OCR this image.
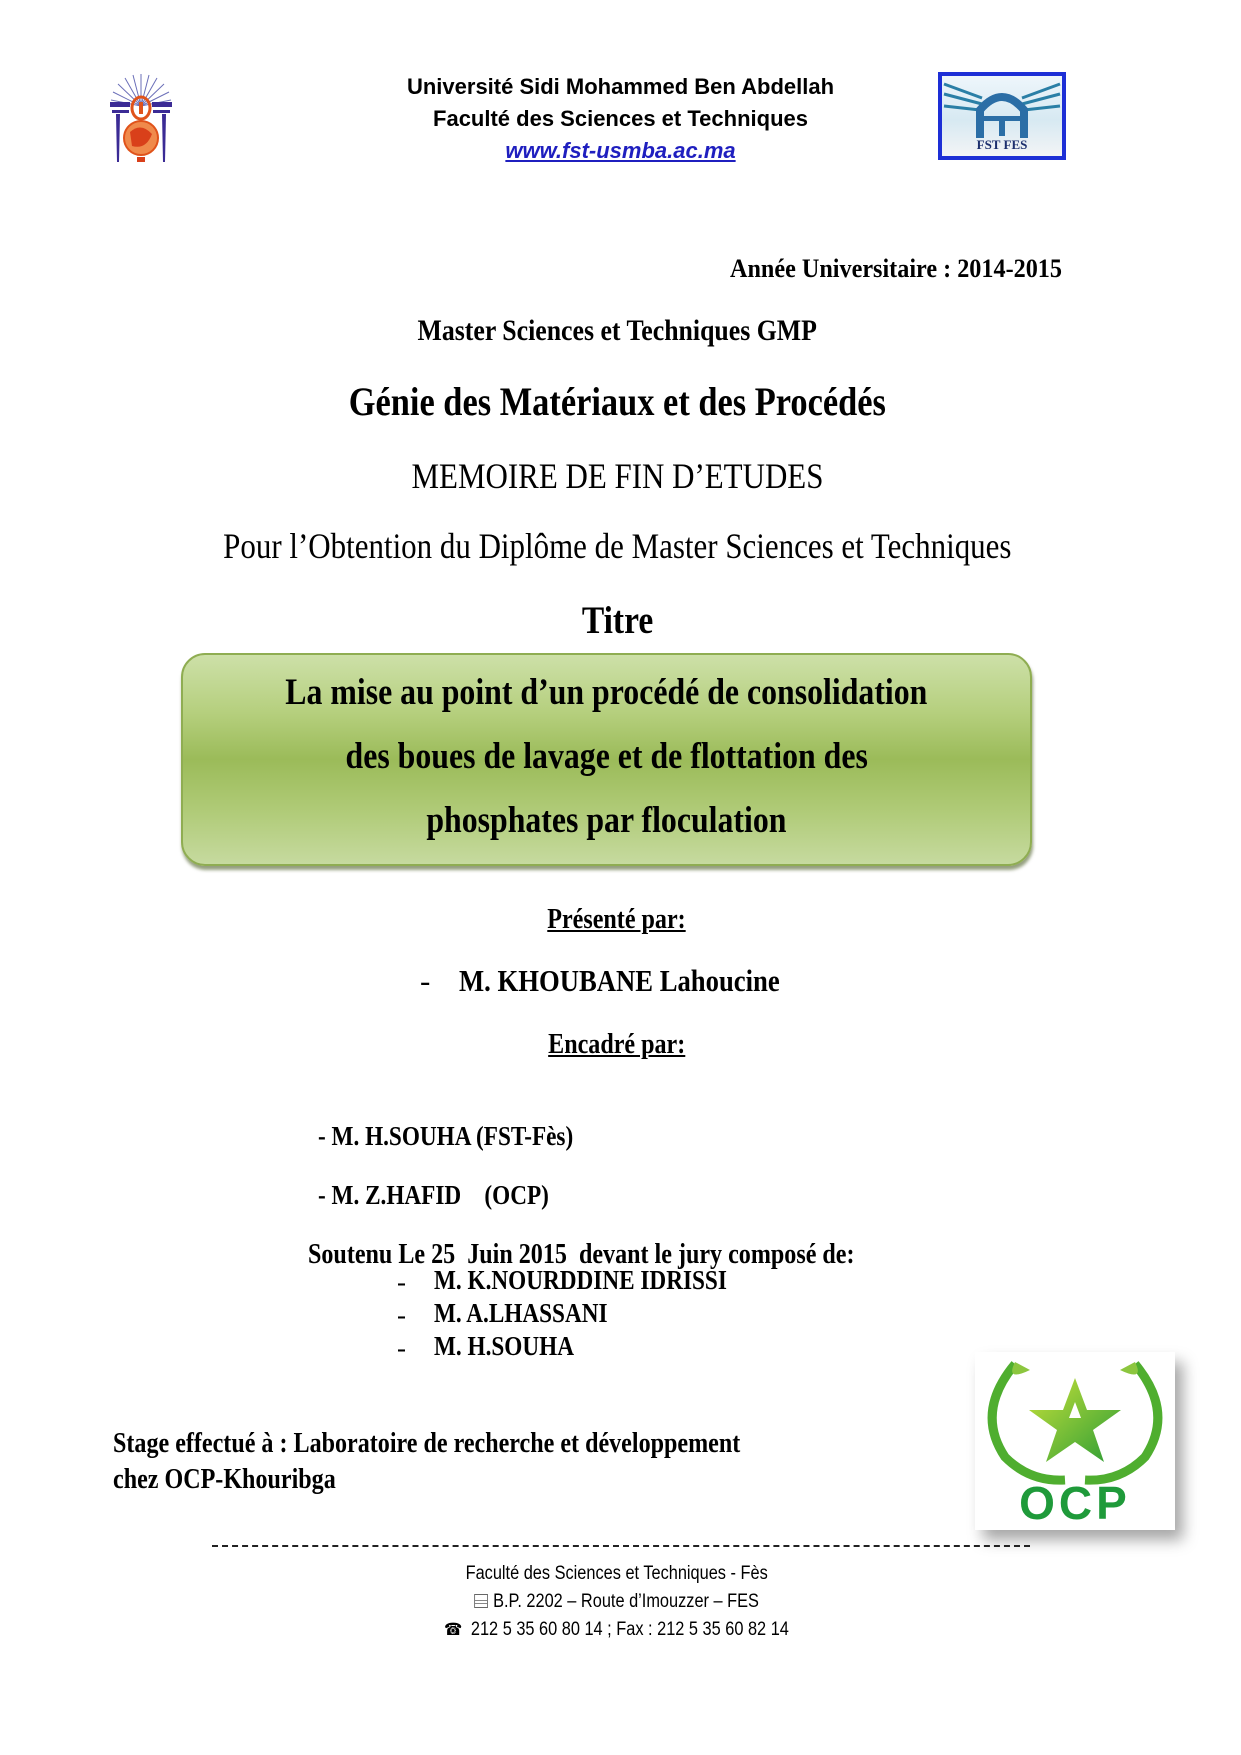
Université Sidi Mohammed Ben Abdellah
Faculté des Sciences et Techniques
www.fst-usmba.ac.ma	FST FES
Année Universitaire : 2014-2015
Master Sciences et Techniques GMP
Génie des Matériaux et des Procédés
MEMOIRE DE FIN D’ETUDES
Pour l’Obtention du Diplôme de Master Sciences et Techniques
Titre
La mise au point d’un procédé de consolidation
des boues de lavage et de flottation des
phosphates par floculation
Présenté par:
- M. KHOUBANE Lahoucine
Encadré par:

- M. H.SOUHA (FST-Fès)

- M. Z.HAFID    (OCP)

Soutenu Le 25  Juin 2015  devant le jury composé de:

- M. K.NOURDDINE IDRISSI
- M. A.LHASSANI
- M. H.SOUHA
Stage effectué à : Laboratoire de recherche et développement
chez OCP-Khouribga	OCP
Faculté des Sciences et Techniques - Fès
B.P. 2202 – Route d’Imouzzer – FES
☎ 212 5 35 60 80 14 ; Fax : 212 5 35 60 82 14
